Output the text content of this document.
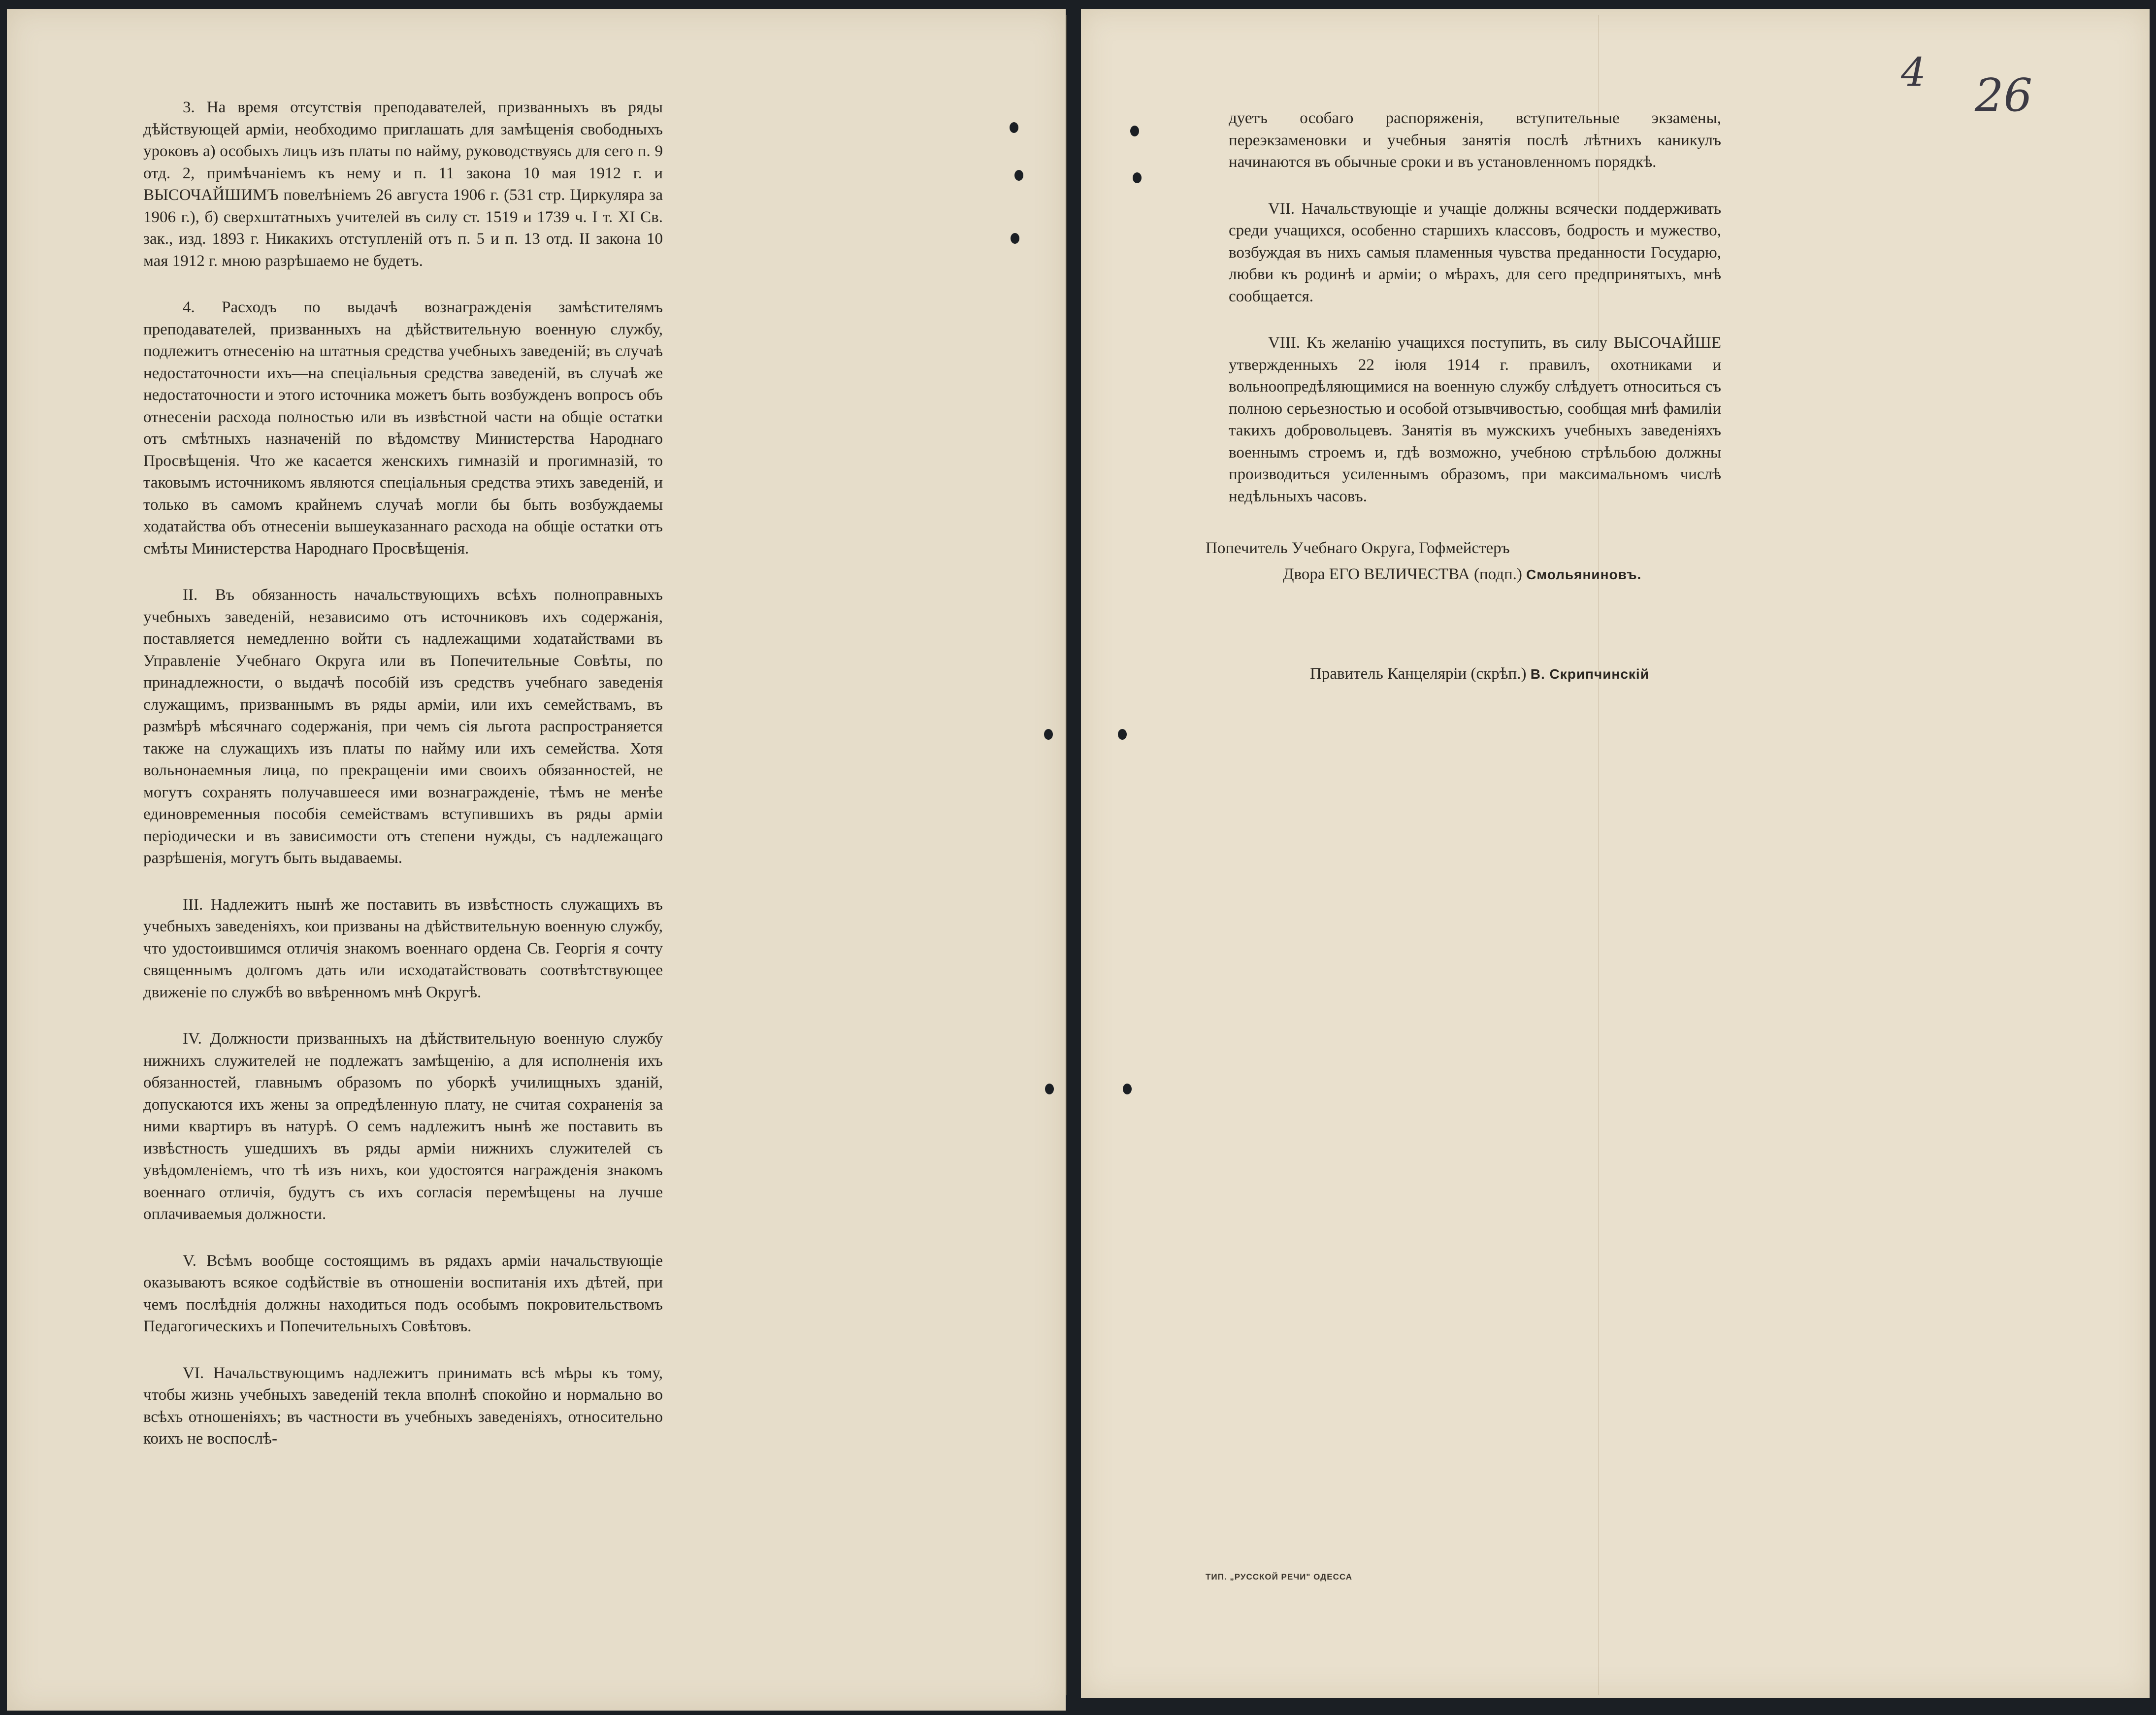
3. На время отсутствія преподавателей, призванныхъ въ ряды дѣйствующей арміи, необходимо приглашать для замѣщенія свободныхъ уроковъ а) особыхъ лицъ изъ платы по найму, руководствуясь для сего п. 9 отд. 2, примѣчаніемъ къ нему и п. 11 закона 10 мая 1912 г. и ВЫСОЧАЙШИМЪ повелѣніемъ 26 августа 1906 г. (531 стр. Циркуляра за 1906 г.), б) сверхштатныхъ учителей въ силу ст. 1519 и 1739 ч. I т. XI Св. зак., изд. 1893 г. Никакихъ отступленій отъ п. 5 и п. 13 отд. II закона 10 мая 1912 г. мною разрѣшаемо не будетъ.

4. Расходъ по выдачѣ вознагражденія замѣстителямъ преподавателей, призванныхъ на дѣйствительную военную службу, подлежитъ отнесенію на штатныя средства учебныхъ заведеній; въ случаѣ недостаточности ихъ—на спеціальныя средства заведеній, въ случаѣ же недостаточности и этого источника можетъ быть возбужденъ вопросъ объ отнесеніи расхода полностью или въ извѣстной части на общіе остатки отъ смѣтныхъ назначеній по вѣдомству Министерства Народнаго Просвѣщенія. Что же касается женскихъ гимназій и прогимназій, то таковымъ источникомъ являются спеціальныя средства этихъ заведеній, и только въ самомъ крайнемъ случаѣ могли бы быть возбуждаемы ходатайства объ отнесеніи вышеуказаннаго расхода на общіе остатки отъ смѣты Министерства Народнаго Просвѣщенія.

II. Въ обязанность начальствующихъ всѣхъ полноправныхъ учебныхъ заведеній, независимо отъ источниковъ ихъ содержанія, поставляется немедленно войти съ надлежащими ходатайствами въ Управленіе Учебнаго Округа или въ Попечительные Совѣты, по принадлежности, о выдачѣ пособій изъ средствъ учебнаго заведенія служащимъ, призваннымъ въ ряды арміи, или ихъ семействамъ, въ размѣрѣ мѣсячнаго содержанія, при чемъ сія льгота распространяется также на служащихъ изъ платы по найму или ихъ семейства. Хотя вольнонаемныя лица, по прекращеніи ими своихъ обязанностей, не могутъ сохранять получавшееся ими вознагражденіе, тѣмъ не менѣе единовременныя пособія семействамъ вступившихъ въ ряды арміи періодически и въ зависимости отъ степени нужды, съ надлежащаго разрѣшенія, могутъ быть выдаваемы.

III. Надлежитъ нынѣ же поставить въ извѣстность служащихъ въ учебныхъ заведеніяхъ, кои призваны на дѣйствительную военную службу, что удостоившимся отличія знакомъ военнаго ордена Св. Георгія я сочту священнымъ долгомъ дать или исходатайствовать соотвѣтствующее движеніе по службѣ во ввѣренномъ мнѣ Округѣ.

IV. Должности призванныхъ на дѣйствительную военную службу нижнихъ служителей не подлежатъ замѣщенію, а для исполненія ихъ обязанностей, главнымъ образомъ по уборкѣ училищныхъ зданій, допускаются ихъ жены за опредѣленную плату, не считая сохраненія за ними квартиръ въ натурѣ. О семъ надлежитъ нынѣ же поставить въ извѣстность ушедшихъ въ ряды арміи нижнихъ служителей съ увѣдомленіемъ, что тѣ изъ нихъ, кои удостоятся награжденія знакомъ военнаго отличія, будутъ съ ихъ согласія перемѣщены на лучше оплачиваемыя должности.

V. Всѣмъ вообще состоящимъ въ рядахъ арміи начальствующіе оказываютъ всякое содѣйствіе въ отношеніи воспитанія ихъ дѣтей, при чемъ послѣднія должны находиться подъ особымъ покровительствомъ Педагогическихъ и Попечительныхъ Совѣтовъ.

VI. Начальствующимъ надлежитъ принимать всѣ мѣры къ тому, чтобы жизнь учебныхъ заведеній текла вполнѣ спокойно и нормально во всѣхъ отношеніяхъ; въ частности въ учебныхъ заведеніяхъ, относительно коихъ не воспослѣ-

дуетъ особаго распоряженія, вступительные экзамены, переэкзаменовки и учебныя занятія послѣ лѣтнихъ каникулъ начинаются въ обычные сроки и въ установленномъ порядкѣ.

VII. Начальствующіе и учащіе должны всячески поддерживать среди учащихся, особенно старшихъ классовъ, бодрость и мужество, возбуждая въ нихъ самыя пламенныя чувства преданности Государю, любви къ родинѣ и арміи; о мѣрахъ, для сего предпринятыхъ, мнѣ сообщается.

VIII. Къ желанію учащихся поступить, въ силу ВЫСОЧАЙШЕ утвержденныхъ 22 іюля 1914 г. правилъ, охотниками и вольноопредѣляющимися на военную службу слѣдуетъ относиться съ полною серьезностью и особой отзывчивостью, сообщая мнѣ фамиліи такихъ добровольцевъ. Занятія въ мужскихъ учебныхъ заведеніяхъ военнымъ строемъ и, гдѣ возможно, учебною стрѣльбою должны производиться усиленнымъ образомъ, при максимальномъ числѣ недѣльныхъ часовъ.

Попечитель Учебнаго Округа, Гофмейстеръ
Двора ЕГО ВЕЛИЧЕСТВА (подп.) Смольяниновъ.
Правитель Канцеляріи (скрѣп.) В. Скрипчинскій
ТИП. „РУССКОЙ РЕЧИ" ОДЕССА
4 26
